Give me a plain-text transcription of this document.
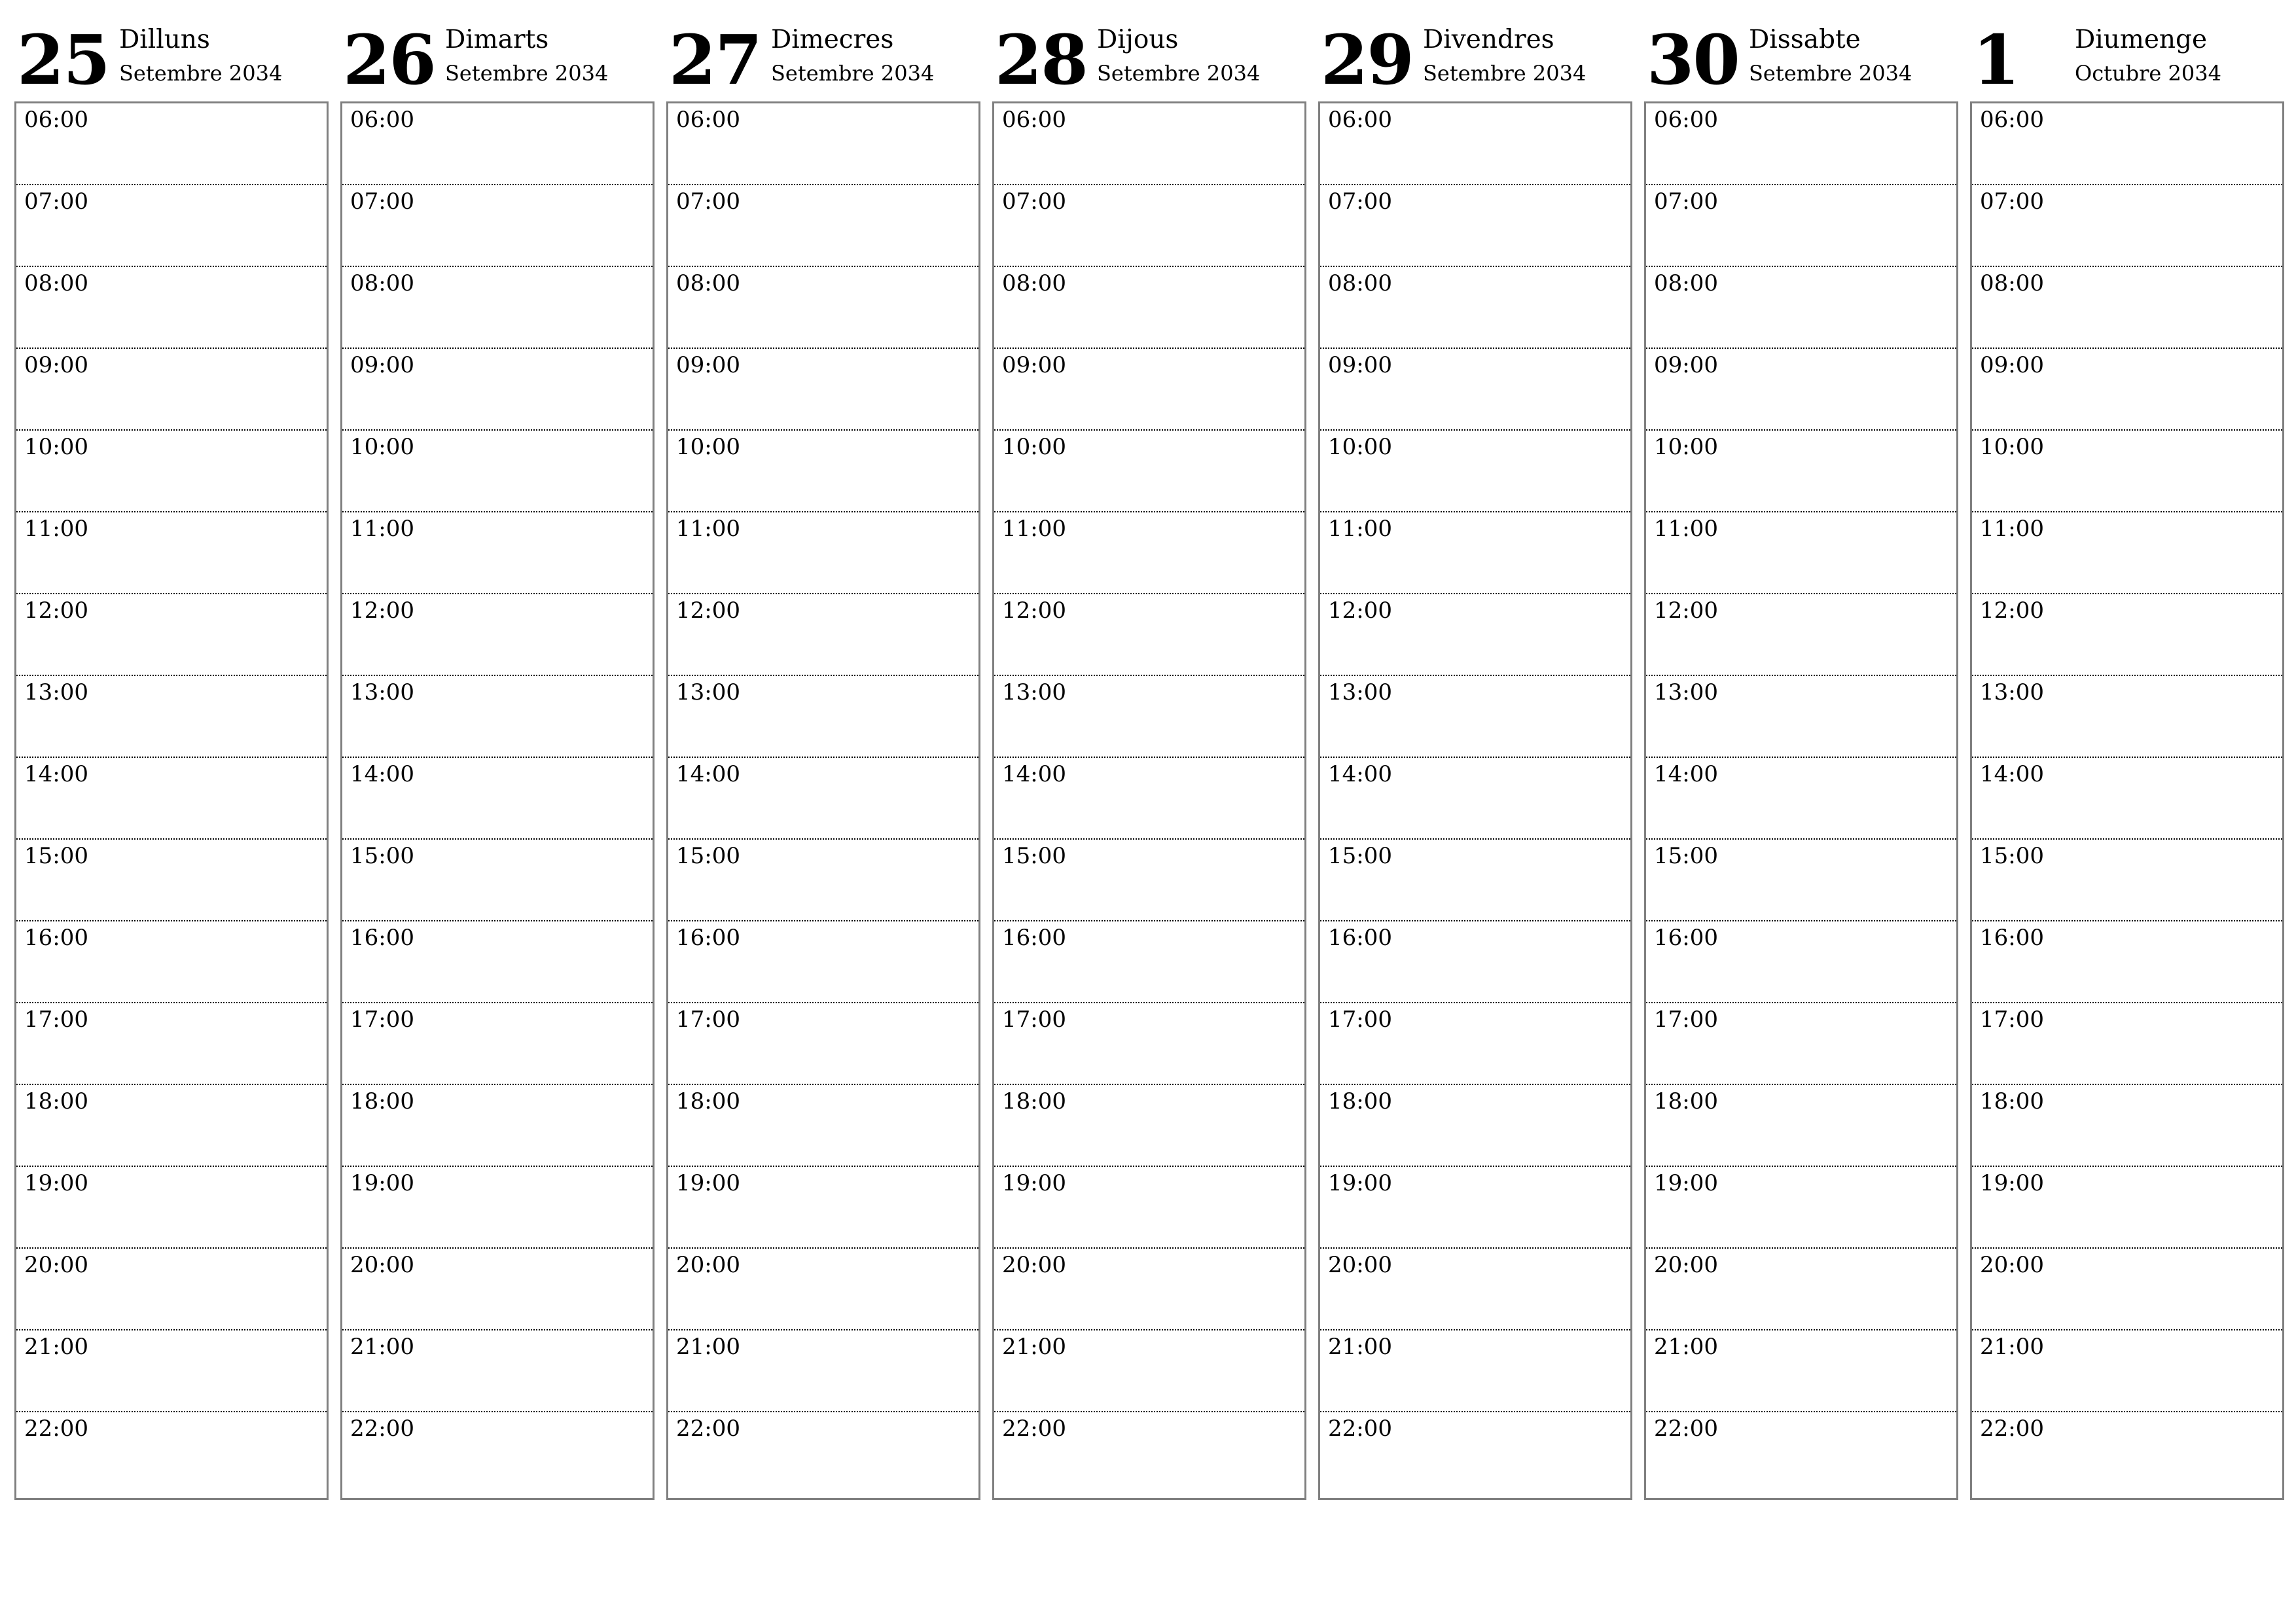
25 Dilluns
Setembre 2034
06:00
07:00
08:00
09:00
10:00
11:00
12:00
13:00
14:00
15:00
16:00
17:00
18:00
19:00
20:00
21:00
22:00
26 Dimarts
Setembre 2034
06:00
07:00
08:00
09:00
10:00
11:00
12:00
13:00
14:00
15:00
16:00
17:00
18:00
19:00
20:00
21:00
22:00
27 Dimecres
Setembre 2034
06:00
07:00
08:00
09:00
10:00
11:00
12:00
13:00
14:00
15:00
16:00
17:00
18:00
19:00
20:00
21:00
22:00
28 Dijous
Setembre 2034
06:00
07:00
08:00
09:00
10:00
11:00
12:00
13:00
14:00
15:00
16:00
17:00
18:00
19:00
20:00
21:00
22:00
29 Divendres
Setembre 2034
06:00
07:00
08:00
09:00
10:00
11:00
12:00
13:00
14:00
15:00
16:00
17:00
18:00
19:00
20:00
21:00
22:00
30 Dissabte
Setembre 2034
06:00
07:00
08:00
09:00
10:00
11:00
12:00
13:00
14:00
15:00
16:00
17:00
18:00
19:00
20:00
21:00
22:00
1 Diumenge
Octubre 2034
06:00
07:00
08:00
09:00
10:00
11:00
12:00
13:00
14:00
15:00
16:00
17:00
18:00
19:00
20:00
21:00
22:00
